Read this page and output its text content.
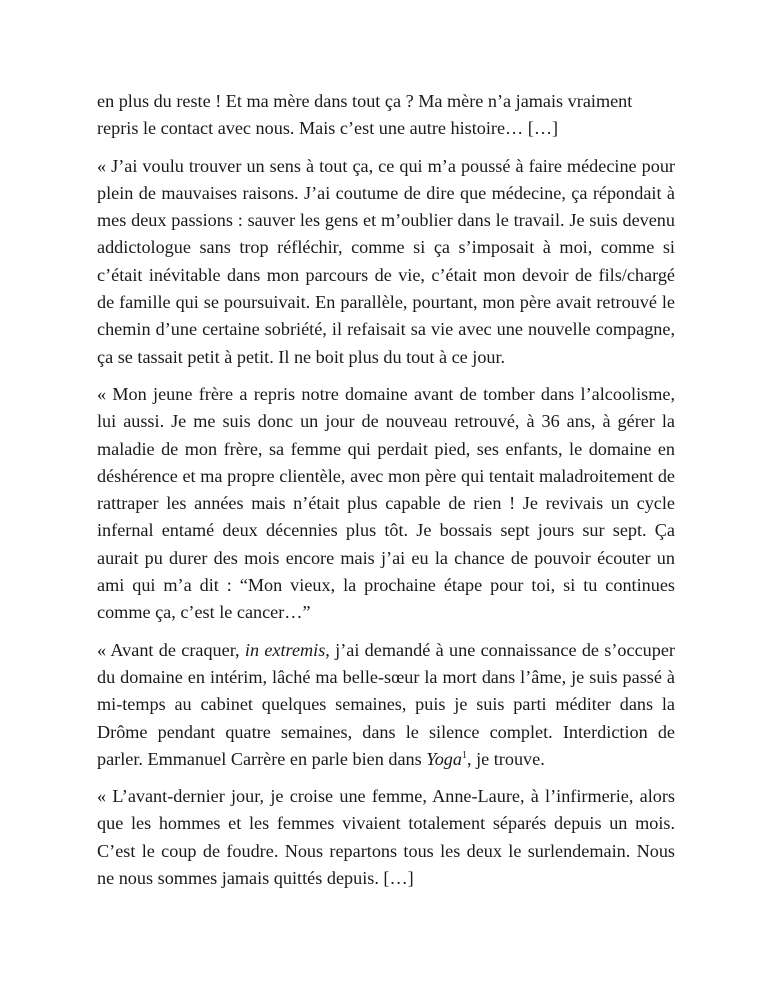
en plus du reste ! Et ma mère dans tout ça ? Ma mère n’a jamais vraiment repris le contact avec nous. Mais c’est une autre histoire… […]

« J’ai voulu trouver un sens à tout ça, ce qui m’a poussé à faire médecine pour plein de mauvaises raisons. J’ai coutume de dire que médecine, ça répondait à mes deux passions : sauver les gens et m’oublier dans le travail. Je suis devenu addictologue sans trop réfléchir, comme si ça s’imposait à moi, comme si c’était inévitable dans mon parcours de vie, c’était mon devoir de fils/chargé de famille qui se poursuivait. En parallèle, pourtant, mon père avait retrouvé le chemin d’une certaine sobriété, il refaisait sa vie avec une nouvelle compagne, ça se tassait petit à petit. Il ne boit plus du tout à ce jour.

« Mon jeune frère a repris notre domaine avant de tomber dans l’alcoolisme, lui aussi. Je me suis donc un jour de nouveau retrouvé, à 36 ans, à gérer la maladie de mon frère, sa femme qui perdait pied, ses enfants, le domaine en déshérence et ma propre clientèle, avec mon père qui tentait maladroitement de rattraper les années mais n’était plus capable de rien ! Je revivais un cycle infernal entamé deux décennies plus tôt. Je bossais sept jours sur sept. Ça aurait pu durer des mois encore mais j’ai eu la chance de pouvoir écouter un ami qui m’a dit : “Mon vieux, la prochaine étape pour toi, si tu continues comme ça, c’est le cancer…”

« Avant de craquer, in extremis, j’ai demandé à une connaissance de s’occuper du domaine en intérim, lâché ma belle-sœur la mort dans l’âme, je suis passé à mi-temps au cabinet quelques semaines, puis je suis parti méditer dans la Drôme pendant quatre semaines, dans le silence complet. Interdiction de parler. Emmanuel Carrère en parle bien dans Yoga$^1$, je trouve.

« L’avant-dernier jour, je croise une femme, Anne-Laure, à l’infirmerie, alors que les hommes et les femmes vivaient totalement séparés depuis un mois. C’est le coup de foudre. Nous repartons tous les deux le surlendemain. Nous ne nous sommes jamais quittés depuis. […]
